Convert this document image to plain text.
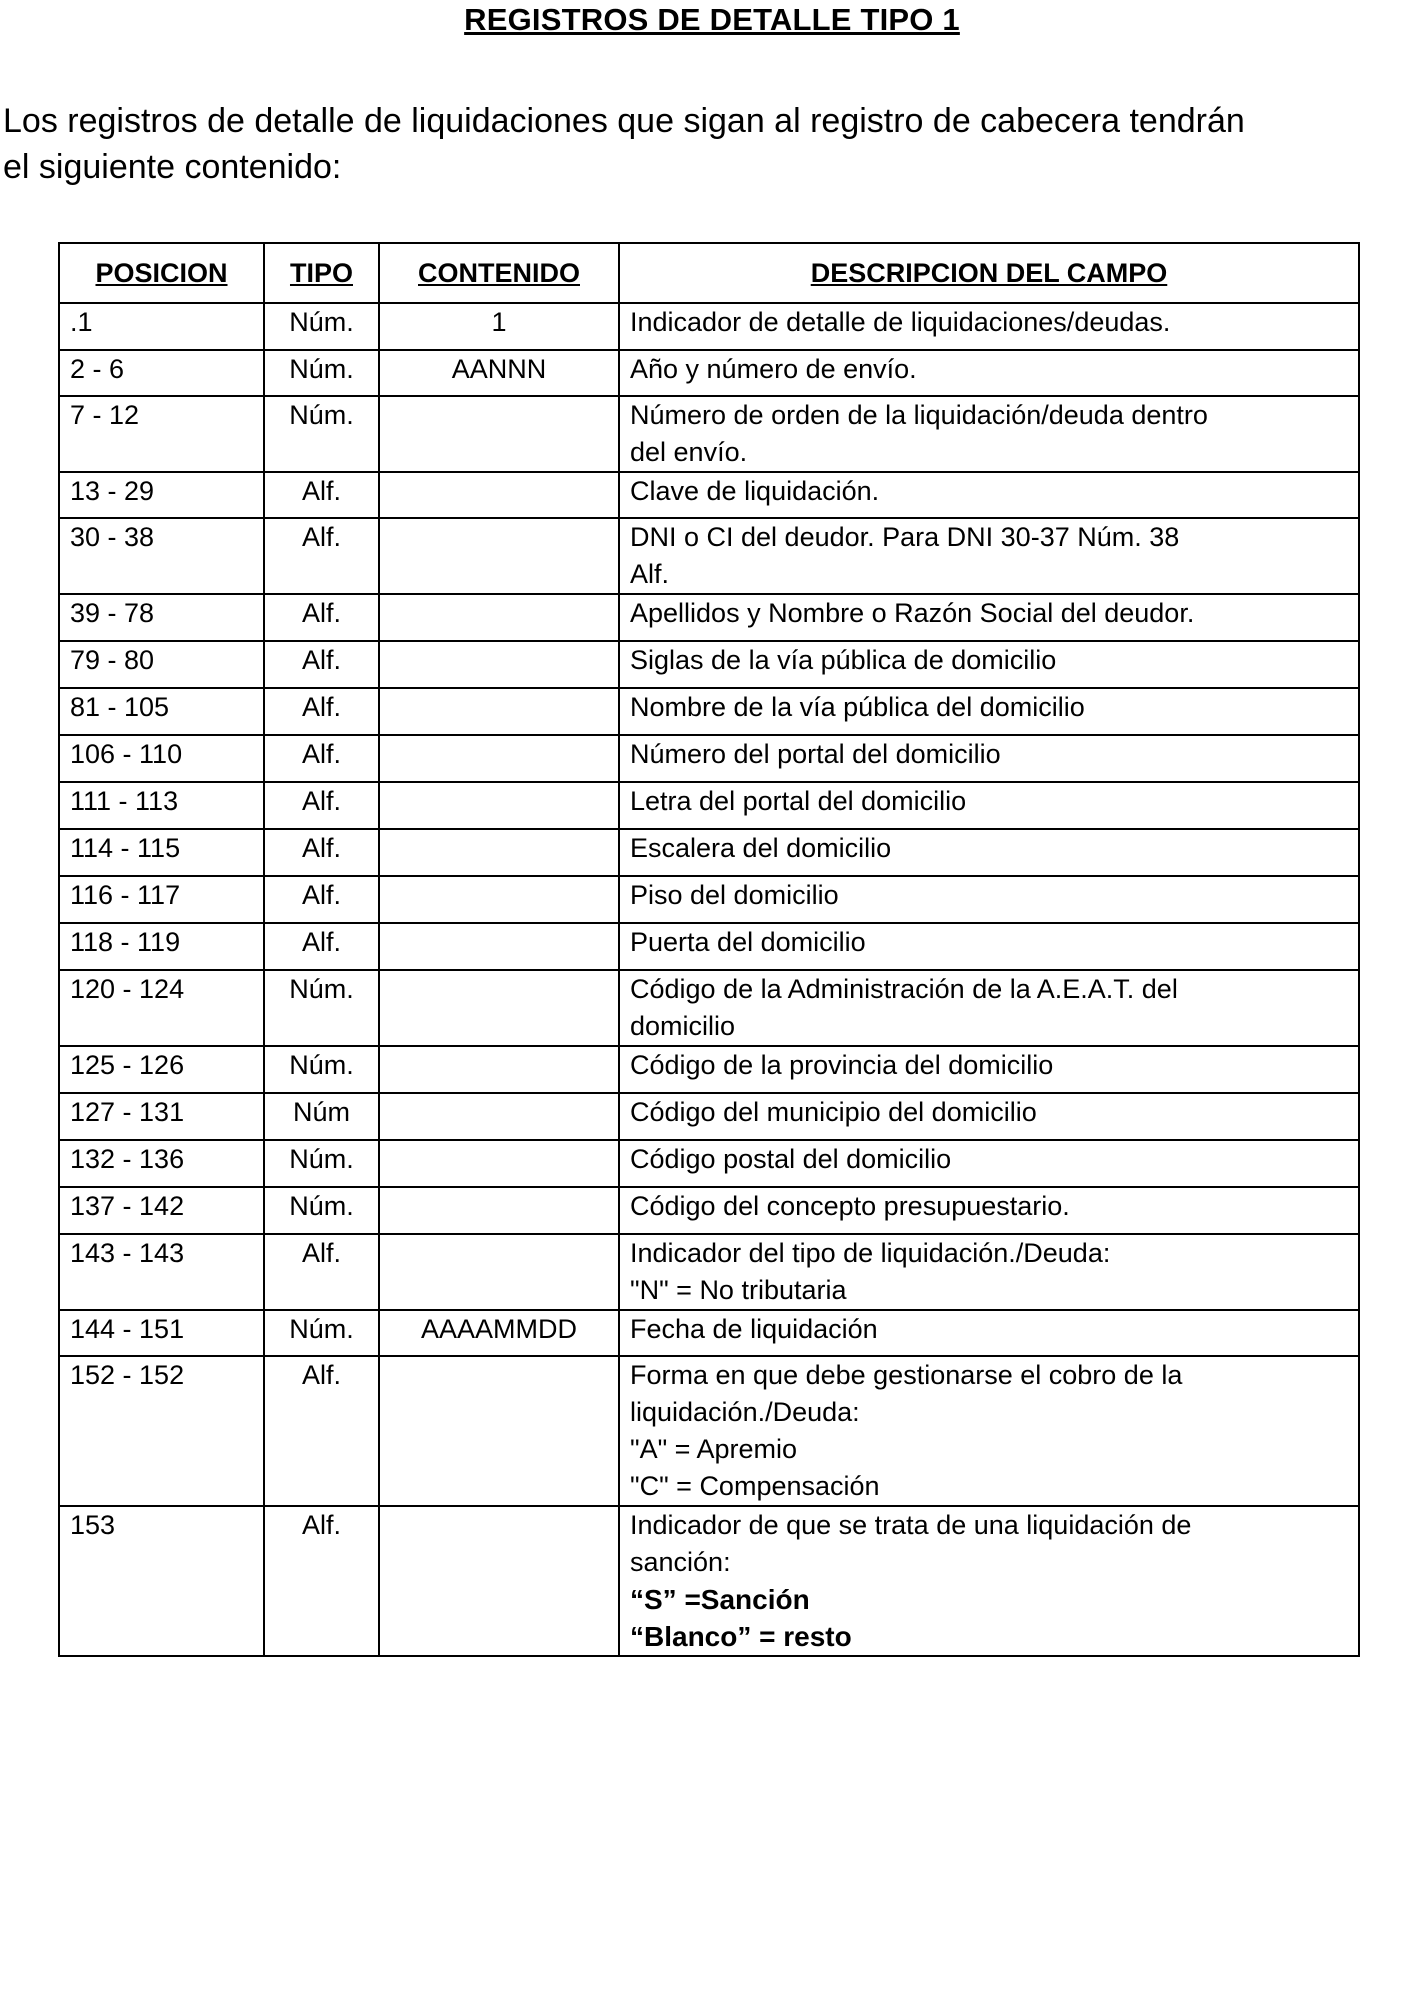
REGISTROS DE DETALLE TIPO 1
Los registros de detalle de liquidaciones que sigan al registro de cabecera tendrán
el siguiente contenido:
POSICION	TIPO	CONTENIDO	DESCRIPCION DEL CAMPO
.1	Núm.	1	Indicador de detalle de liquidaciones/deudas.

2 - 6	Núm.	AANNN	Año y número de envío.

7 - 12	Núm.		Número de orden de la liquidación/deuda dentro
del envío.

13 - 29	Alf.		Clave de liquidación.

30 - 38	Alf.		DNI o CI del deudor. Para DNI 30-37 Núm. 38
Alf.

39 - 78	Alf.		Apellidos y Nombre o Razón Social del deudor.

79 - 80	Alf.		Siglas de la vía pública de domicilio

81 - 105	Alf.		Nombre de la vía pública del domicilio

106 - 110	Alf.		Número del portal del domicilio

111 - 113	Alf.		Letra del portal del domicilio

114 - 115	Alf.		Escalera del domicilio

116 - 117	Alf.		Piso del domicilio

118 - 119	Alf.		Puerta del domicilio

120 - 124	Núm.		Código de la Administración de la A.E.A.T. del
domicilio

125 - 126	Núm.		Código de la provincia del domicilio

127 - 131	Núm		Código del municipio del domicilio

132 - 136	Núm.		Código postal del domicilio

137 - 142	Núm.		Código del concepto presupuestario.

143 - 143	Alf.		Indicador del tipo de liquidación./Deuda:
"N" = No tributaria

144 - 151	Núm.	AAAAMMDD	Fecha de liquidación

152 - 152	Alf.		Forma en que debe gestionarse el cobro de la
liquidación./Deuda:
"A" = Apremio
"C" = Compensación

153	Alf.		Indicador de que se trata de una liquidación de
sanción:
“S” =Sanción
“Blanco” = resto
